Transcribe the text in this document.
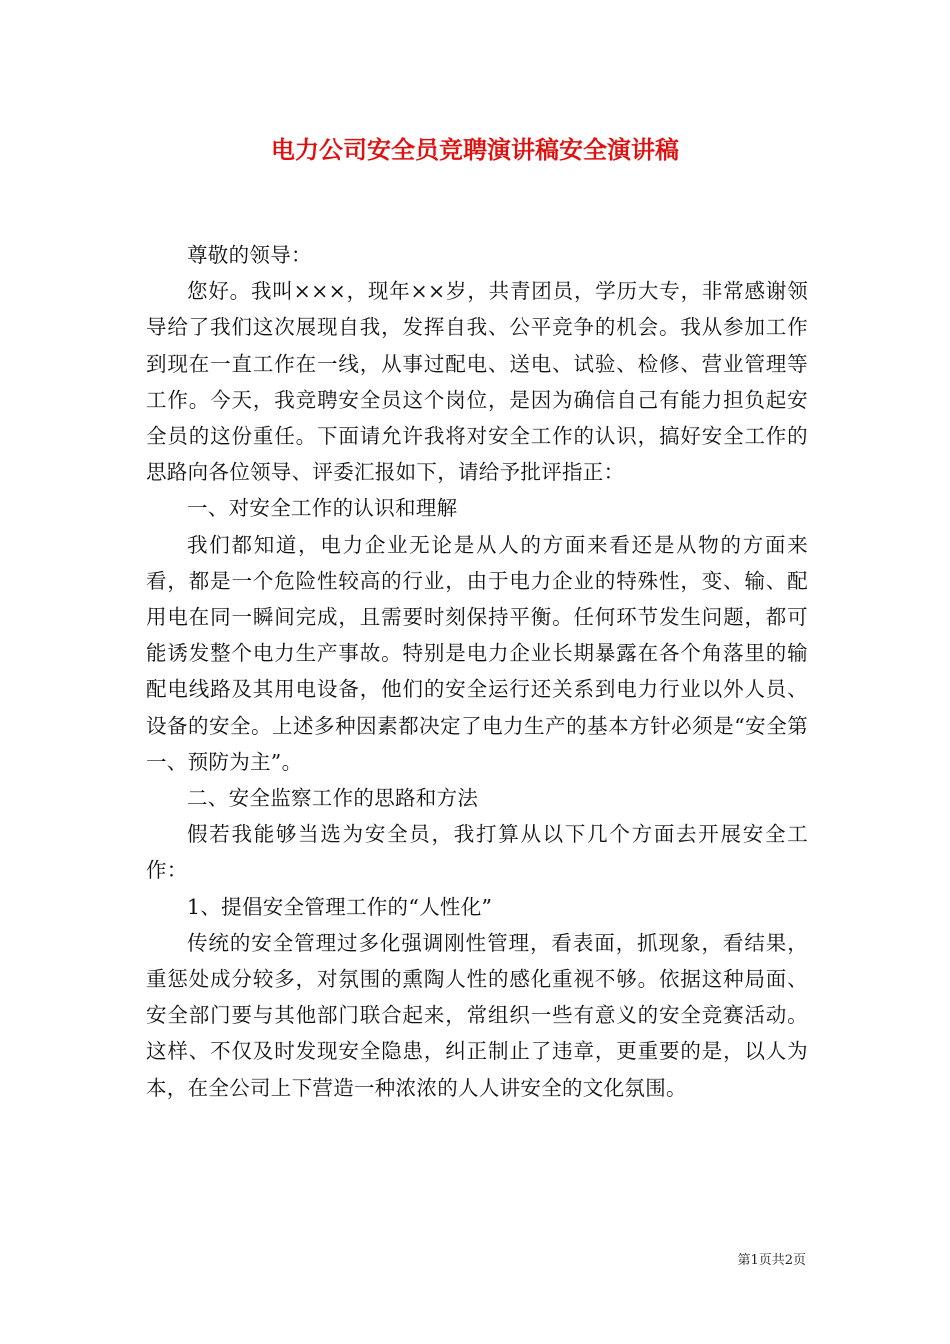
电力公司安全员竞聘演讲稿安全演讲稿

尊敬的领导：

您好。我叫×××，现年××岁，共青团员，学历大专，非常感谢领导给了我们这次展现自我，发挥自我、公平竞争的机会。我从参加工作到现在一直工作在一线，从事过配电、送电、试验、检修、营业管理等工作。今天，我竞聘安全员这个岗位，是因为确信自己有能力担负起安全员的这份重任。下面请允许我将对安全工作的认识，搞好安全工作的思路向各位领导、评委汇报如下，请给予批评指正：

一、对安全工作的认识和理解

我们都知道，电力企业无论是从人的方面来看还是从物的方面来看，都是一个危险性较高的行业，由于电力企业的特殊性，变、输、配用电在同一瞬间完成，且需要时刻保持平衡。任何环节发生问题，都可能诱发整个电力生产事故。特别是电力企业长期暴露在各个角落里的输配电线路及其用电设备，他们的安全运行还关系到电力行业以外人员、设备的安全。上述多种因素都决定了电力生产的基本方针必须是“安全第一、预防为主”。

二、安全监察工作的思路和方法

假若我能够当选为安全员，我打算从以下几个方面去开展安全工作：

1、提倡安全管理工作的“人性化”

传统的安全管理过多化强调刚性管理，看表面，抓现象，看结果，重惩处成分较多，对氛围的熏陶人性的感化重视不够。依据这种局面、安全部门要与其他部门联合起来，常组织一些有意义的安全竞赛活动。这样、不仅及时发现安全隐患，纠正制止了违章，更重要的是，以人为本，在全公司上下营造一种浓浓的人人讲安全的文化氛围。

第1页共2页
